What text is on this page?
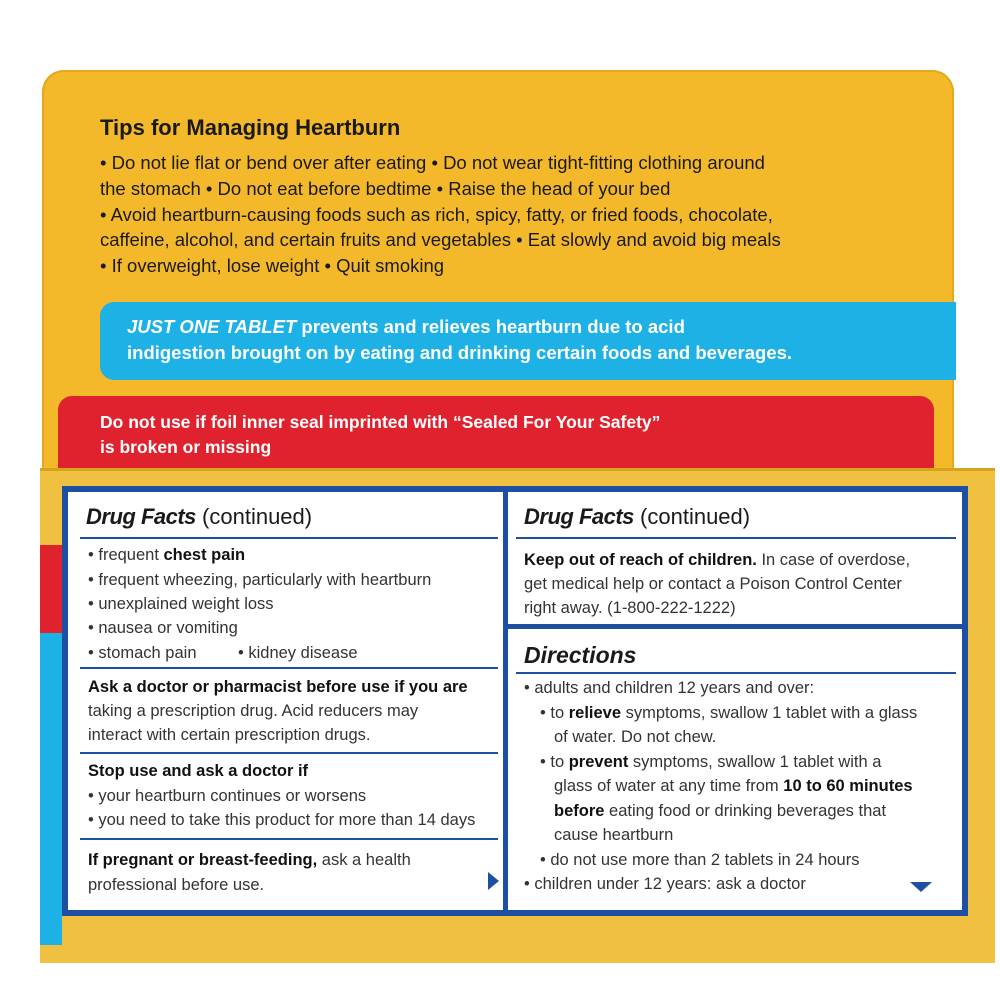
Tips for Managing Heartburn
• Do not lie flat or bend over after eating • Do not wear tight-fitting clothing around
the stomach • Do not eat before bedtime • Raise the head of your bed
• Avoid heartburn-causing foods such as rich, spicy, fatty, or fried foods, chocolate,
caffeine, alcohol, and certain fruits and vegetables • Eat slowly and avoid big meals
• If overweight, lose weight • Quit smoking
JUST ONE TABLET prevents and relieves heartburn due to acid
indigestion brought on by eating and drinking certain foods and beverages.
Do not use if foil inner seal imprinted with “Sealed For Your Safety”
is broken or missing
Drug Facts (continued)
• frequent chest pain
• frequent wheezing, particularly with heartburn
• unexplained weight loss
• nausea or vomiting
• stomach pain	• kidney disease
Ask a doctor or pharmacist before use if you are
taking a prescription drug. Acid reducers may
interact with certain prescription drugs.
Stop use and ask a doctor if
• your heartburn continues or worsens
• you need to take this product for more than 14 days
If pregnant or breast-feeding, ask a health
professional before use.
Drug Facts (continued)
Keep out of reach of children. In case of overdose,
get medical help or contact a Poison Control Center
right away. (1-800-222-1222)
Directions
• adults and children 12 years and over:
• to relieve symptoms, swallow 1 tablet with a glass
of water. Do not chew.
• to prevent symptoms, swallow 1 tablet with a
glass of water at any time from 10 to 60 minutes
before eating food or drinking beverages that
cause heartburn
• do not use more than 2 tablets in 24 hours
• children under 12 years: ask a doctor
